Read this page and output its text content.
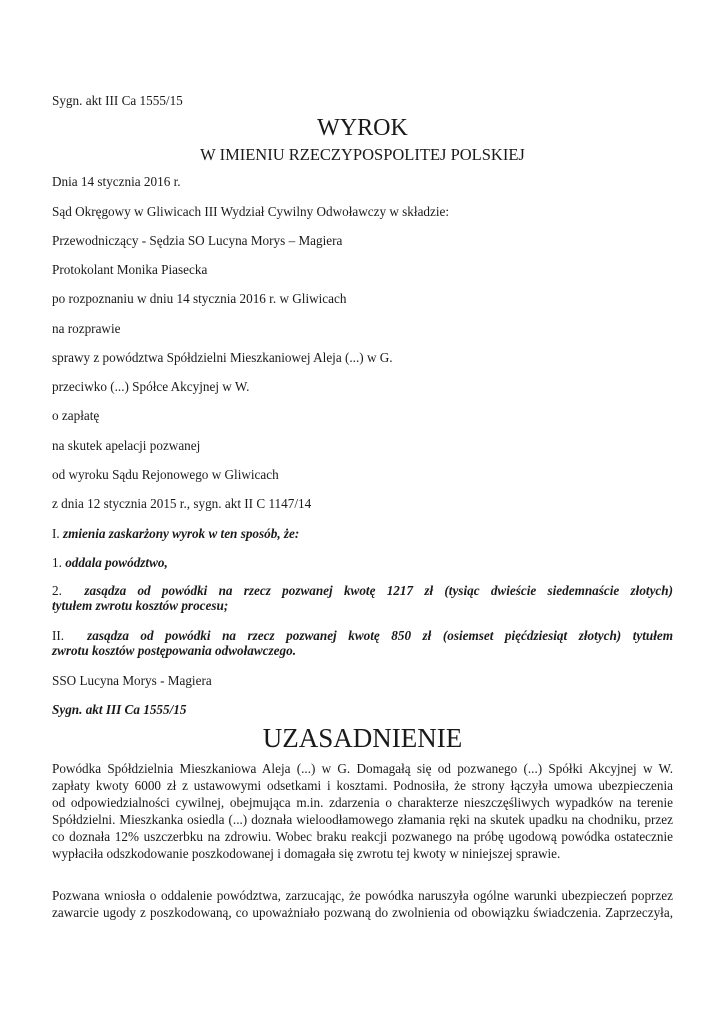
Sygn. akt III Ca 1555/15
WYROK
W IMIENIU RZECZYPOSPOLITEJ POLSKIEJ
Dnia 14 stycznia 2016 r.
Sąd Okręgowy w Gliwicach III Wydział Cywilny Odwoławczy w składzie:
Przewodniczący - Sędzia SO Lucyna Morys – Magiera
Protokolant Monika Piasecka
po rozpoznaniu w dniu 14 stycznia 2016 r. w Gliwicach
na rozprawie
sprawy z powództwa Spółdzielni Mieszkaniowej Aleja (...) w G.
przeciwko (...) Spółce Akcyjnej w W.
o zapłatę
na skutek apelacji pozwanej
od wyroku Sądu Rejonowego w Gliwicach
z dnia 12 stycznia 2015 r., sygn. akt II C 1147/14
I. zmienia zaskarżony wyrok w ten sposób, że:
1. oddala powództwo,
2. zasądza od powódki na rzecz pozwanej kwotę 1217 zł (tysiąc dwieście siedemnaście złotych)
tytułem zwrotu kosztów procesu;
II. zasądza od powódki na rzecz pozwanej kwotę 850 zł (osiemset pięćdziesiąt złotych) tytułem
zwrotu kosztów postępowania odwoławczego.
SSO Lucyna Morys - Magiera
Sygn. akt III Ca 1555/15
UZASADNIENIE
Powódka Spółdzielnia Mieszkaniowa Aleja (...) w G. Domagałą się od pozwanego (...) Spółki Akcyjnej w W.
zapłaty kwoty 6000 zł z ustawowymi odsetkami i kosztami. Podnosiła, że strony łączyła umowa ubezpieczenia
od odpowiedzialności cywilnej, obejmująca m.in. zdarzenia o charakterze nieszczęśliwych wypadków na terenie
Spółdzielni. Mieszkanka osiedla (...) doznała wieloodłamowego złamania ręki na skutek upadku na chodniku, przez
co doznała 12% uszczerbku na zdrowiu. Wobec braku reakcji pozwanego na próbę ugodową powódka ostatecznie
wypłaciła odszkodowanie poszkodowanej i domagała się zwrotu tej kwoty w niniejszej sprawie.
Pozwana wniosła o oddalenie powództwa, zarzucając, że powódka naruszyła ogólne warunki ubezpieczeń poprzez
zawarcie ugody z poszkodowaną, co upoważniało pozwaną do zwolnienia od obowiązku świadczenia. Zaprzeczyła,
